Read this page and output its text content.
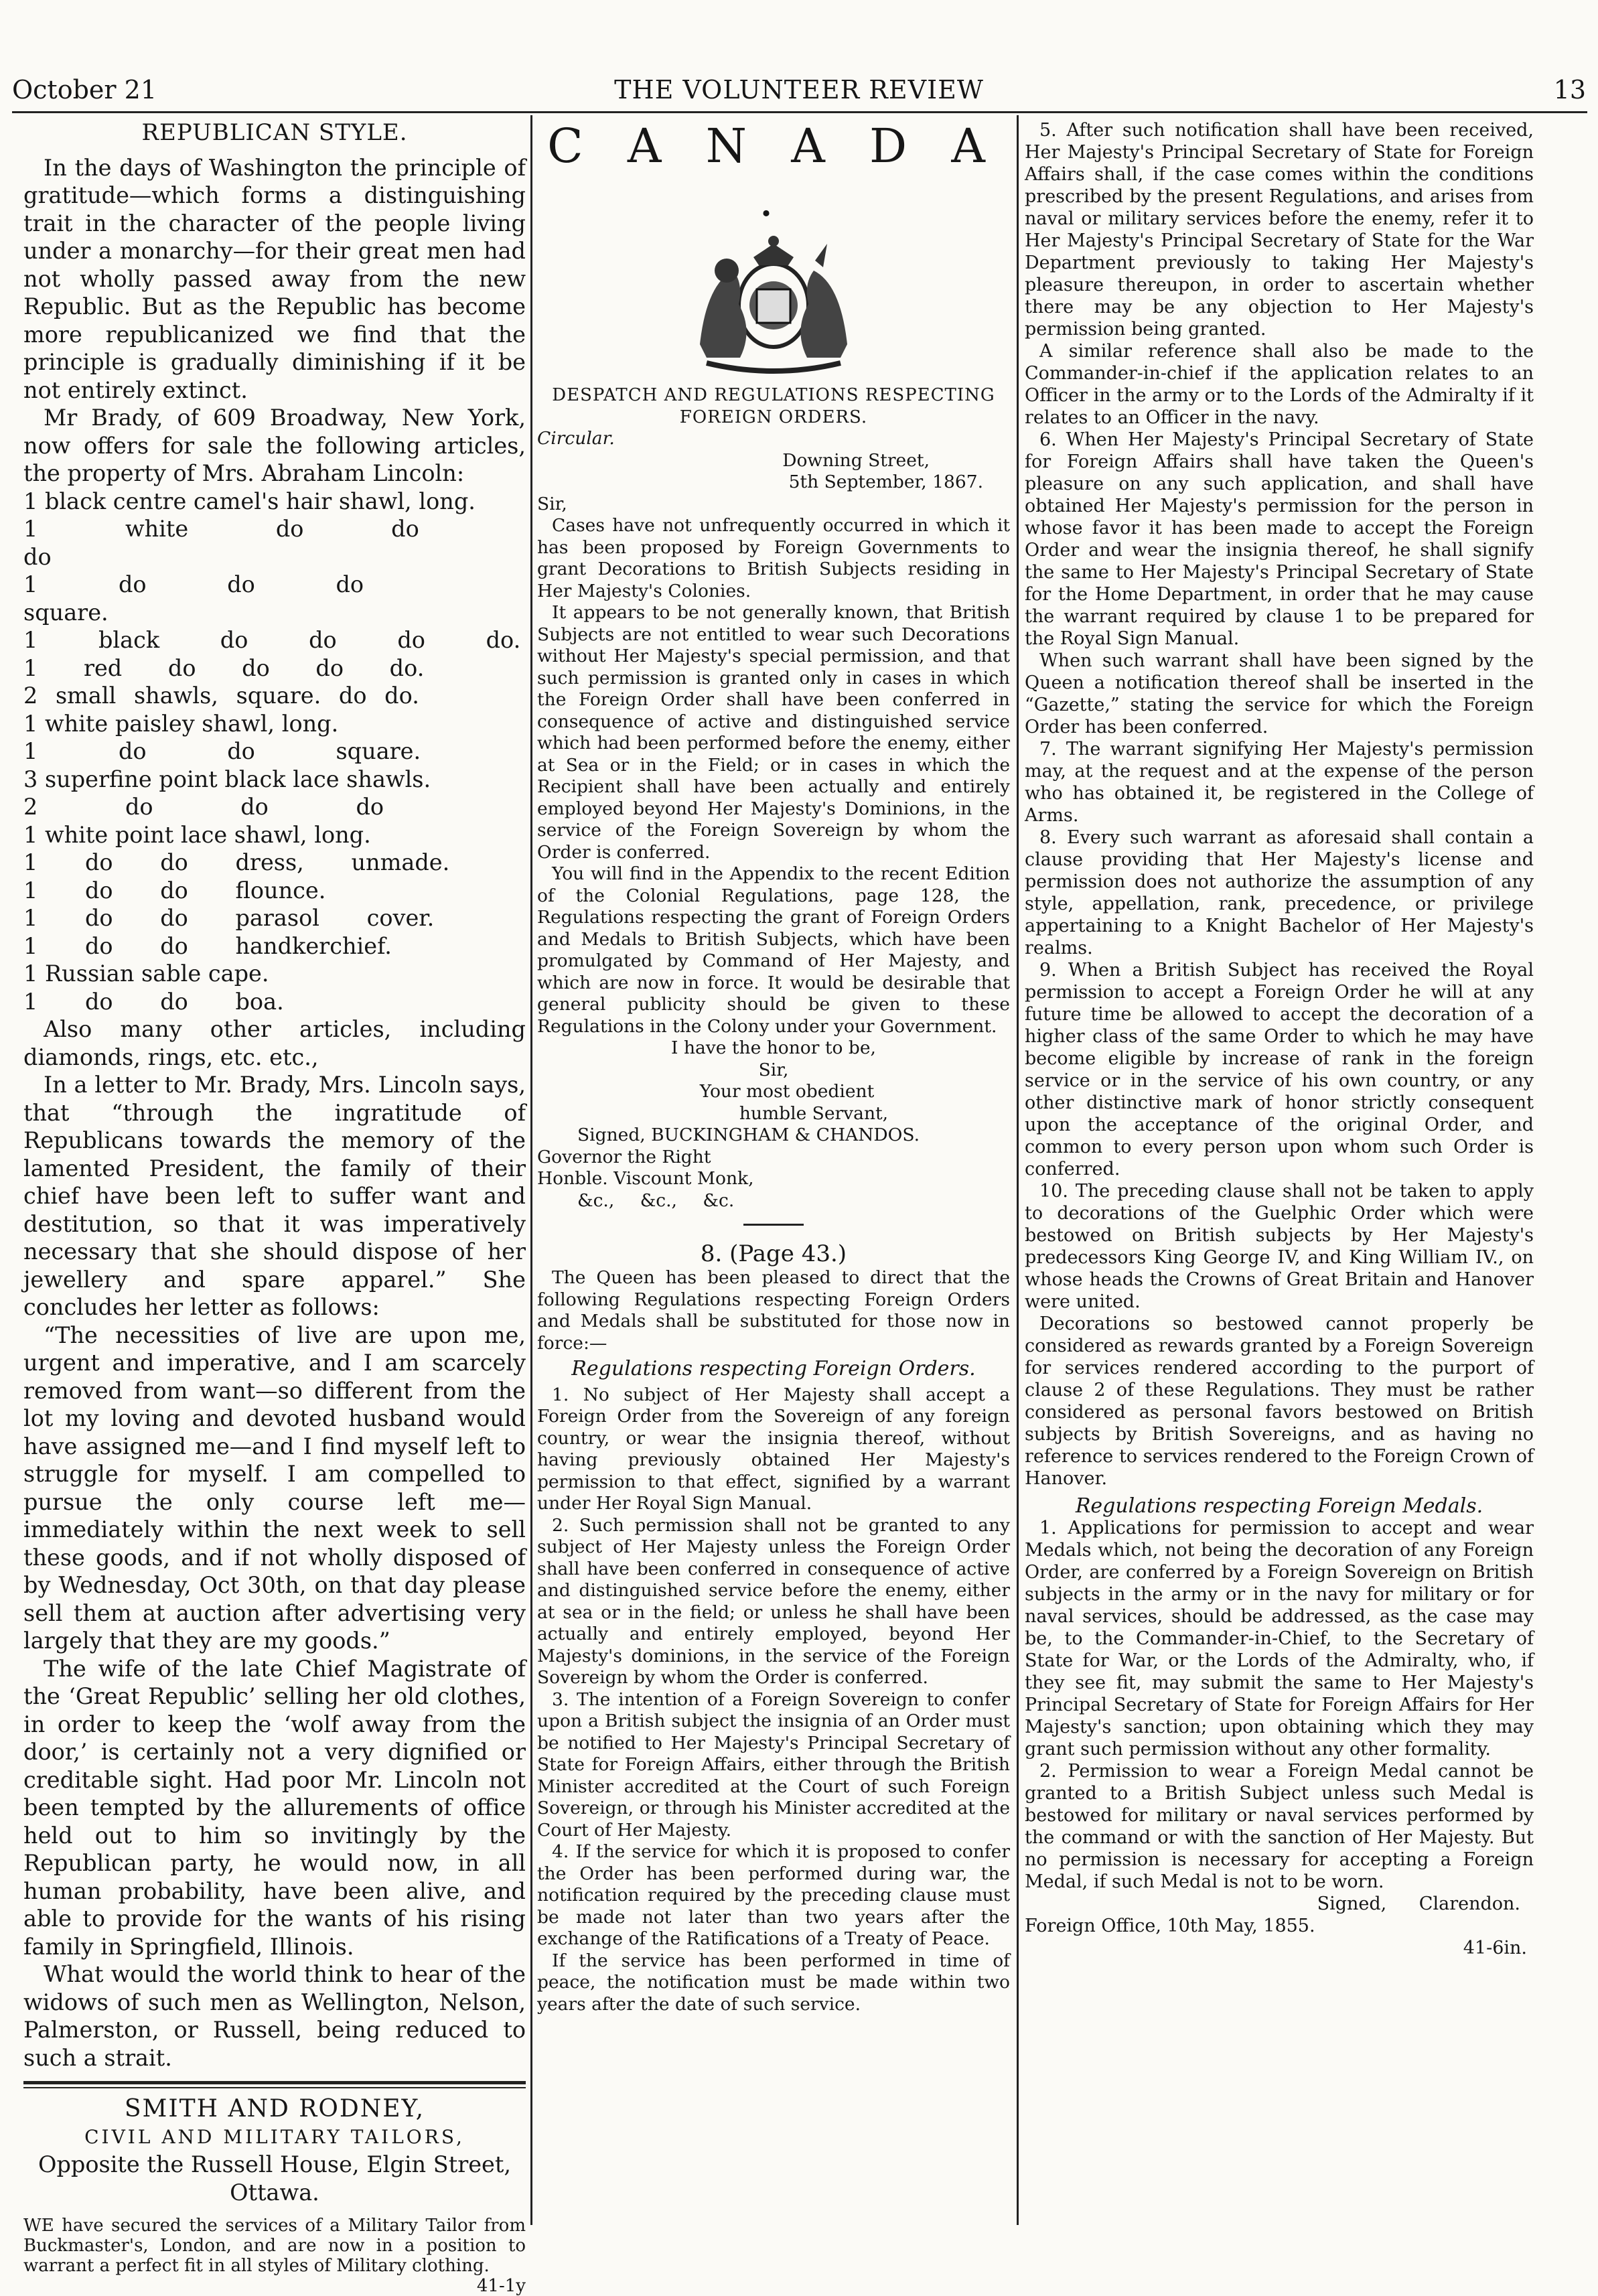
October 21	THE VOLUNTEER REVIEW	13

REPUBLICAN STYLE.

In the days of Washington the principle of gratitude—which forms a distinguishing trait in the character of the people living under a monarchy—for their great men had not wholly passed away from the new Republic. But as the Republic has become more republicanized we find that the principle is gradually diminishing if it be not entirely extinct.

Mr Brady, of 609 Broadway, New York, now offers for sale the following articles, the property of Mrs. Abraham Lincoln:

1 black centre camel's hair shawl, long.

1 white do do do

1 do do do square.

1 black do do do do.

1 red do do do do.

2 small shawls, square. do do.

1 white paisley shawl, long.

1 do do square.

3 superfine point black lace shawls.

2 do do do

1 white point lace shawl, long.

1 do do dress, unmade.

1 do do flounce.

1 do do parasol cover.

1 do do handkerchief.

1 Russian sable cape.

1 do do boa.

Also many other articles, including diamonds, rings, etc. etc.,

In a letter to Mr. Brady, Mrs. Lincoln says, that “through the ingratitude of Republicans towards the memory of the lamented President, the family of their chief have been left to suffer want and destitution, so that it was imperatively necessary that she should dispose of her jewellery and spare apparel.” She concludes her letter as follows:

“The necessities of live are upon me, urgent and imperative, and I am scarcely removed from want—so different from the lot my loving and devoted husband would have assigned me—and I find myself left to struggle for myself. I am compelled to pursue the only course left me—immediately within the next week to sell these goods, and if not wholly disposed of by Wednesday, Oct 30th, on that day please sell them at auction after advertising very largely that they are my goods.”

The wife of the late Chief Magistrate of the ‘Great Republic’ selling her old clothes, in order to keep the ‘wolf away from the door,’ is certainly not a very dignified or creditable sight. Had poor Mr. Lincoln not been tempted by the allurements of office held out to him so invitingly by the Republican party, he would now, in all human probability, have been alive, and able to provide for the wants of his rising family in Springfield, Illinois.

What would the world think to hear of the widows of such men as Wellington, Nelson, Palmerston, or Russell, being reduced to such a strait.

SMITH AND RODNEY,

CIVIL AND MILITARY TAILORS,

Opposite the Russell House, Elgin Street,

Ottawa.

WE have secured the services of a Military Tailor from Buckmaster's, London, and are now in a position to warrant a perfect fit in all styles of Military clothing.

41-1y

C A N A D A .

DESPATCH AND REGULATIONS RESPECTING FOREIGN ORDERS.

Circular.

Downing Street,

5th September, 1867.

Sir,

Cases have not unfrequently occurred in which it has been proposed by Foreign Governments to grant Decorations to British Subjects residing in Her Majesty's Colonies.

It appears to be not generally known, that British Subjects are not entitled to wear such Decorations without Her Majesty's special permission, and that such permission is granted only in cases in which the Foreign Order shall have been conferred in consequence of active and distinguished service which had been performed before the enemy, either at Sea or in the Field; or in cases in which the Recipient shall have been actually and entirely employed beyond Her Majesty's Dominions, in the service of the Foreign Sovereign by whom the Order is conferred.

You will find in the Appendix to the recent Edition of the Colonial Regulations, page 128, the Regulations respecting the grant of Foreign Orders and Medals to British Subjects, which have been promulgated by Command of Her Majesty, and which are now in force. It would be desirable that general publicity should be given to these Regulations in the Colony under your Government.

I have the honor to be,

Sir,

Your most obedient

humble Servant,

Signed, BUCKINGHAM & CHANDOS.

Governor the Right

Honble. Viscount Monk,

&c., &c., &c.

8. (Page 43.)

The Queen has been pleased to direct that the following Regulations respecting Foreign Orders and Medals shall be substituted for those now in force:—

Regulations respecting Foreign Orders.

1. No subject of Her Majesty shall accept a Foreign Order from the Sovereign of any foreign country, or wear the insignia thereof, without having previously obtained Her Majesty's permission to that effect, signified by a warrant under Her Royal Sign Manual.

2. Such permission shall not be granted to any subject of Her Majesty unless the Foreign Order shall have been conferred in consequence of active and distinguished service before the enemy, either at sea or in the field; or unless he shall have been actually and entirely employed, beyond Her Majesty's dominions, in the service of the Foreign Sovereign by whom the Order is conferred.

3. The intention of a Foreign Sovereign to confer upon a British subject the insignia of an Order must be notified to Her Majesty's Principal Secretary of State for Foreign Affairs, either through the British Minister accredited at the Court of such Foreign Sovereign, or through his Minister accredited at the Court of Her Majesty.

4. If the service for which it is proposed to confer the Order has been performed during war, the notification required by the preceding clause must be made not later than two years after the exchange of the Ratifications of a Treaty of Peace.

If the service has been performed in time of peace, the notification must be made within two years after the date of such service.

5. After such notification shall have been received, Her Majesty's Principal Secretary of State for Foreign Affairs shall, if the case comes within the conditions prescribed by the present Regulations, and arises from naval or military services before the enemy, refer it to Her Majesty's Principal Secretary of State for the War Department previously to taking Her Majesty's pleasure thereupon, in order to ascertain whether there may be any objection to Her Majesty's permission being granted.

A similar reference shall also be made to the Commander-in-chief if the application relates to an Officer in the army or to the Lords of the Admiralty if it relates to an Officer in the navy.

6. When Her Majesty's Principal Secretary of State for Foreign Affairs shall have taken the Queen's pleasure on any such application, and shall have obtained Her Majesty's permission for the person in whose favor it has been made to accept the Foreign Order and wear the insignia thereof, he shall signify the same to Her Majesty's Principal Secretary of State for the Home Department, in order that he may cause the warrant required by clause 1 to be prepared for the Royal Sign Manual.

When such warrant shall have been signed by the Queen a notification thereof shall be inserted in the “Gazette,” stating the service for which the Foreign Order has been conferred.

7. The warrant signifying Her Majesty's permission may, at the request and at the expense of the person who has obtained it, be registered in the College of Arms.

8. Every such warrant as aforesaid shall contain a clause providing that Her Majesty's license and permission does not authorize the assumption of any style, appellation, rank, precedence, or privilege appertaining to a Knight Bachelor of Her Majesty's realms.

9. When a British Subject has received the Royal permission to accept a Foreign Order he will at any future time be allowed to accept the decoration of a higher class of the same Order to which he may have become eligible by increase of rank in the foreign service or in the service of his own country, or any other distinctive mark of honor strictly consequent upon the acceptance of the original Order, and common to every person upon whom such Order is conferred.

10. The preceding clause shall not be taken to apply to decorations of the Guelphic Order which were bestowed on British subjects by Her Majesty's predecessors King George IV, and King William IV., on whose heads the Crowns of Great Britain and Hanover were united.

Decorations so bestowed cannot properly be considered as rewards granted by a Foreign Sovereign for services rendered according to the purport of clause 2 of these Regulations. They must be rather considered as personal favors bestowed on British subjects by British Sovereigns, and as having no reference to services rendered to the Foreign Crown of Hanover.

Regulations respecting Foreign Medals.

1. Applications for permission to accept and wear Medals which, not being the decoration of any Foreign Order, are conferred by a Foreign Sovereign on British subjects in the army or in the navy for military or for naval services, should be addressed, as the case may be, to the Commander-in-Chief, to the Secretary of State for War, or the Lords of the Admiralty, who, if they see fit, may submit the same to Her Majesty's Principal Secretary of State for Foreign Affairs for Her Majesty's sanction; upon obtaining which they may grant such permission without any other formality.

2. Permission to wear a Foreign Medal cannot be granted to a British Subject unless such Medal is bestowed for military or naval services performed by the command or with the sanction of Her Majesty. But no permission is necessary for accepting a Foreign Medal, if such Medal is not to be worn.

Signed, Clarendon.

Foreign Office, 10th May, 1855.

41-6in.
